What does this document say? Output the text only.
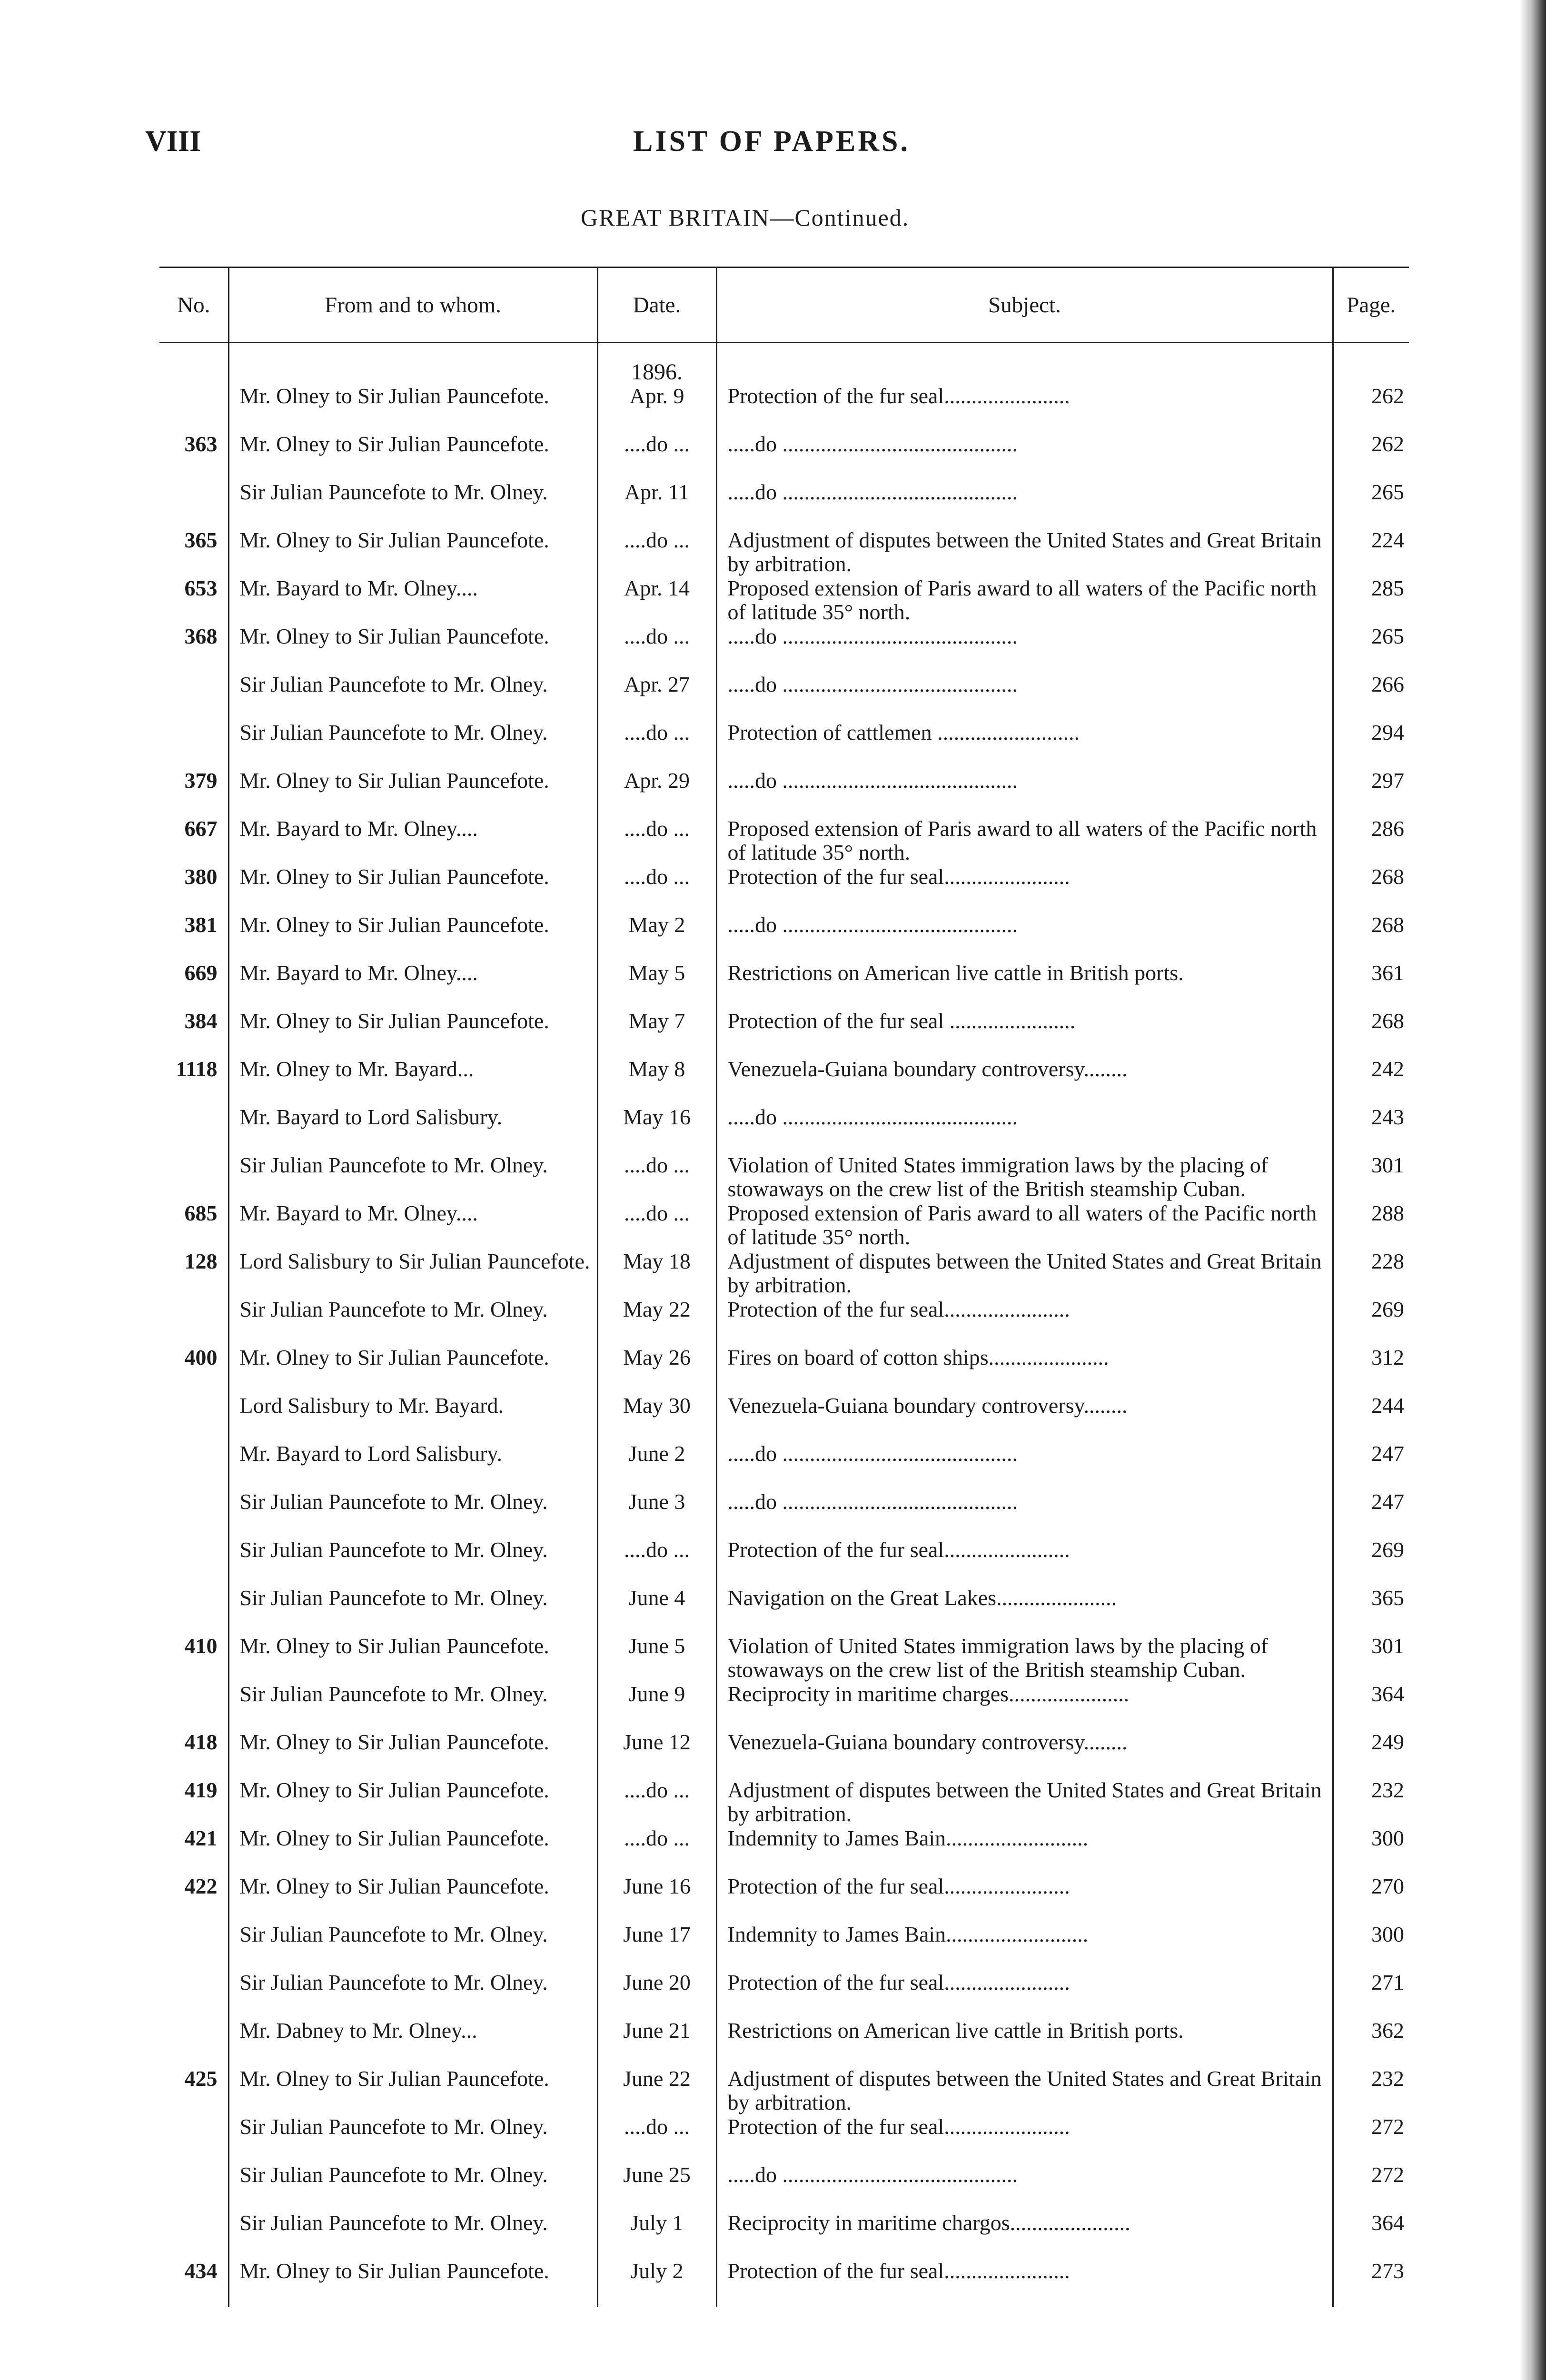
VIII	LIST OF PAPERS.
GREAT BRITAIN—Continued.
No.	From and to whom.	Date.	Subject.	Page.
		1896.		
	Mr. Olney to Sir Julian Pauncefote.	Apr. 9	Protection of the fur seal.......................	262
363	Mr. Olney to Sir Julian Pauncefote.	....do ...	.....do ...........................................	262
	Sir Julian Pauncefote to Mr. Olney.	Apr. 11	.....do ...........................................	265
365	Mr. Olney to Sir Julian Pauncefote.	....do ...	Adjustment of disputes between the United States and Great Britain by arbitration.	224
653	Mr. Bayard to Mr. Olney....	Apr. 14	Proposed extension of Paris award to all waters of the Pacific north of latitude 35° north.	285
368	Mr. Olney to Sir Julian Pauncefote.	....do ...	.....do ...........................................	265
	Sir Julian Pauncefote to Mr. Olney.	Apr. 27	.....do ...........................................	266
	Sir Julian Pauncefote to Mr. Olney.	....do ...	Protection of cattlemen ..........................	294
379	Mr. Olney to Sir Julian Pauncefote.	Apr. 29	.....do ...........................................	297
667	Mr. Bayard to Mr. Olney....	....do ...	Proposed extension of Paris award to all waters of the Pacific north of latitude 35° north.	286
380	Mr. Olney to Sir Julian Pauncefote.	....do ...	Protection of the fur seal.......................	268
381	Mr. Olney to Sir Julian Pauncefote.	May 2	.....do ...........................................	268
669	Mr. Bayard to Mr. Olney....	May 5	Restrictions on American live cattle in British ports.	361
384	Mr. Olney to Sir Julian Pauncefote.	May 7	Protection of the fur seal .......................	268
1118	Mr. Olney to Mr. Bayard...	May 8	Venezuela-Guiana boundary controversy........	242
	Mr. Bayard to Lord Salisbury.	May 16	.....do ...........................................	243
	Sir Julian Pauncefote to Mr. Olney.	....do ...	Violation of United States immigration laws by the placing of stowaways on the crew list of the British steamship Cuban.	301
685	Mr. Bayard to Mr. Olney....	....do ...	Proposed extension of Paris award to all waters of the Pacific north of latitude 35° north.	288
128	Lord Salisbury to Sir Julian Pauncefote.	May 18	Adjustment of disputes between the United States and Great Britain by arbitration.	228
	Sir Julian Pauncefote to Mr. Olney.	May 22	Protection of the fur seal.......................	269
400	Mr. Olney to Sir Julian Pauncefote.	May 26	Fires on board of cotton ships......................	312
	Lord Salisbury to Mr. Bayard.	May 30	Venezuela-Guiana boundary controversy........	244
	Mr. Bayard to Lord Salisbury.	June 2	.....do ...........................................	247
	Sir Julian Pauncefote to Mr. Olney.	June 3	.....do ...........................................	247
	Sir Julian Pauncefote to Mr. Olney.	....do ...	Protection of the fur seal.......................	269
	Sir Julian Pauncefote to Mr. Olney.	June 4	Navigation on the Great Lakes......................	365
410	Mr. Olney to Sir Julian Pauncefote.	June 5	Violation of United States immigration laws by the placing of stowaways on the crew list of the British steamship Cuban.	301
	Sir Julian Pauncefote to Mr. Olney.	June 9	Reciprocity in maritime charges......................	364
418	Mr. Olney to Sir Julian Pauncefote.	June 12	Venezuela-Guiana boundary controversy........	249
419	Mr. Olney to Sir Julian Pauncefote.	....do ...	Adjustment of disputes between the United States and Great Britain by arbitration.	232
421	Mr. Olney to Sir Julian Pauncefote.	....do ...	Indemnity to James Bain..........................	300
422	Mr. Olney to Sir Julian Pauncefote.	June 16	Protection of the fur seal.......................	270
	Sir Julian Pauncefote to Mr. Olney.	June 17	Indemnity to James Bain..........................	300
	Sir Julian Pauncefote to Mr. Olney.	June 20	Protection of the fur seal.......................	271
	Mr. Dabney to Mr. Olney...	June 21	Restrictions on American live cattle in British ports.	362
425	Mr. Olney to Sir Julian Pauncefote.	June 22	Adjustment of disputes between the United States and Great Britain by arbitration.	232
	Sir Julian Pauncefote to Mr. Olney.	....do ...	Protection of the fur seal.......................	272
	Sir Julian Pauncefote to Mr. Olney.	June 25	.....do ...........................................	272
	Sir Julian Pauncefote to Mr. Olney.	July 1	Reciprocity in maritime chargos......................	364
434	Mr. Olney to Sir Julian Pauncefote.	July 2	Protection of the fur seal.......................	273
